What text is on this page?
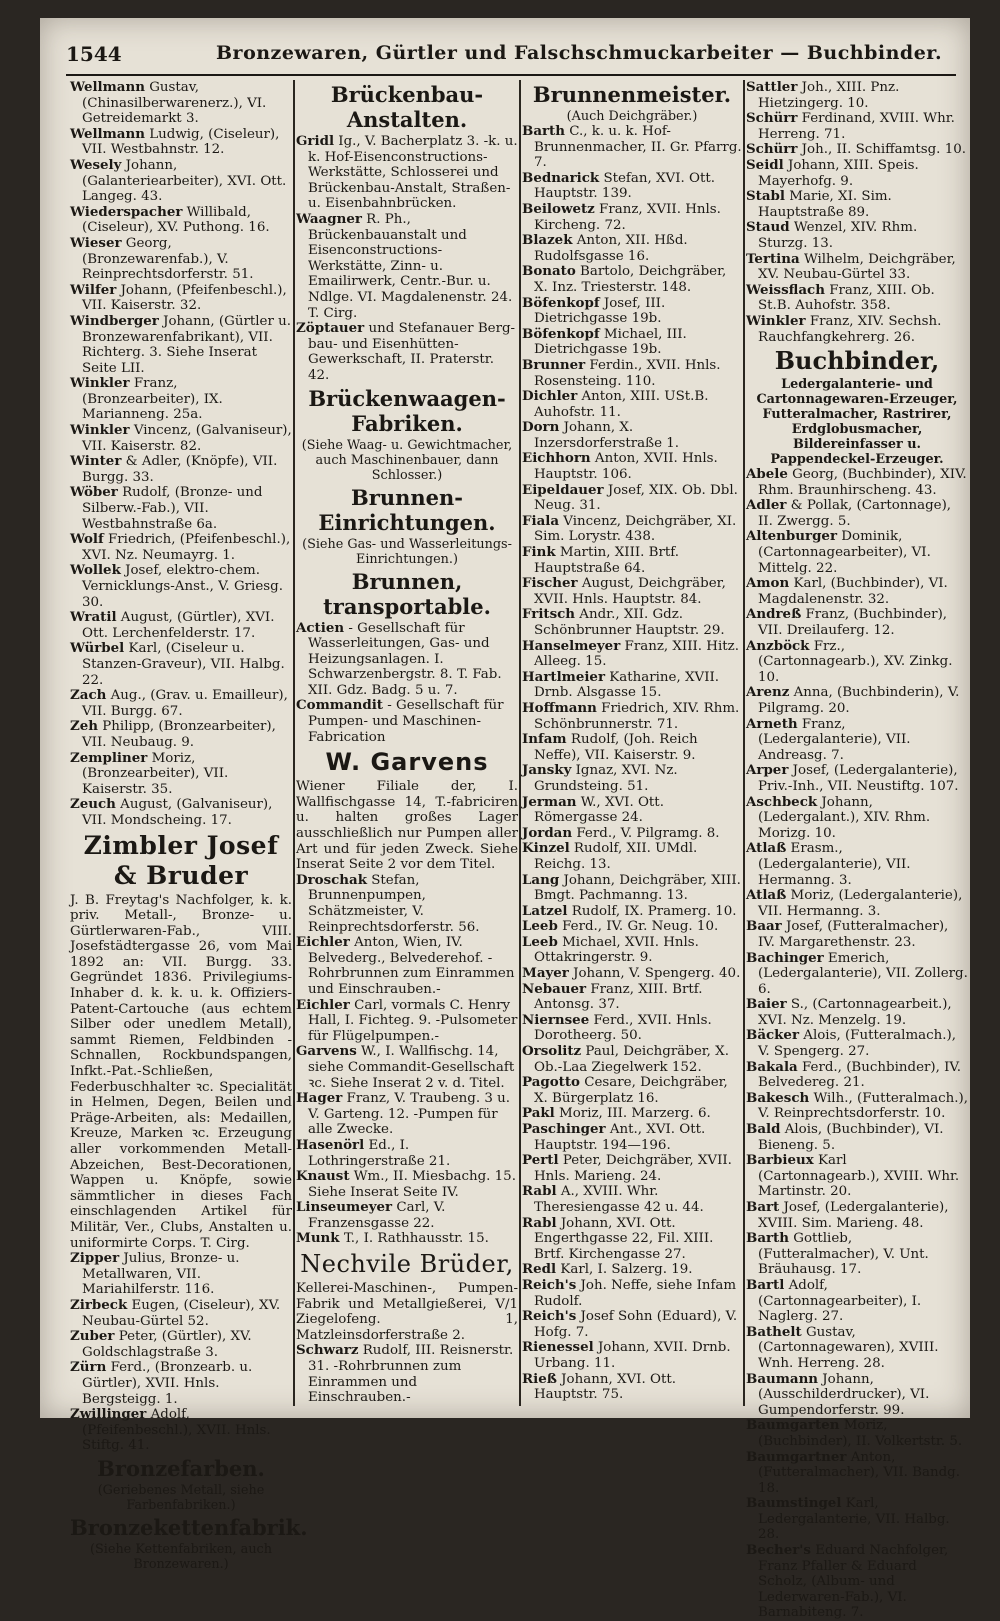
1544	Bronzewaren, Gürtler und Falschschmuckarbeiter — Buchbinder.
Wellmann Gustav, (Chinasilberwarenerz.), VI. Getreidemarkt 3.
Wellmann Ludwig, (Ciseleur), VII. Westbahnstr. 12.
Wesely Johann, (Galanteriearbeiter), XVI. Ott. Langeg. 43.
Wiederspacher Willibald, (Ciseleur), XV. Puthong. 16.
Wieser Georg, (Bronzewarenfab.), V. Reinprechtsdorferstr. 51.
Wilfer Johann, (Pfeifenbeschl.), VII. Kaiserstr. 32.
Windberger Johann, (Gürtler u. Bronzewarenfabrikant), VII. Richterg. 3. Siehe Inserat Seite LII.
Winkler Franz, (Bronzearbeiter), IX. Marianneng. 25a.
Winkler Vincenz, (Galvaniseur), VII. Kaiserstr. 82.
Winter & Adler, (Knöpfe), VII. Burgg. 33.
Wöber Rudolf, (Bronze- und Silberw.-Fab.), VII. Westbahnstraße 6a.
Wolf Friedrich, (Pfeifenbeschl.), XVI. Nz. Neumayrg. 1.
Wollek Josef, elektro-chem. Vernicklungs-Anst., V. Griesg. 30.
Wratil August, (Gürtler), XVI. Ott. Lerchenfelderstr. 17.
Würbel Karl, (Ciseleur u. Stanzen-Graveur), VII. Halbg. 22.
Zach Aug., (Grav. u. Emailleur), VII. Burgg. 67.
Zeh Philipp, (Bronzearbeiter), VII. Neubaug. 9.
Zempliner Moriz, (Bronzearbeiter), VII. Kaiserstr. 35.
Zeuch August, (Galvaniseur), VII. Mondscheing. 17.
Zimbler Josef & Bruder
J. B. Freytag's Nachfolger, k. k. priv. Metall-, Bronze- u. Gürtlerwaren-Fab., VIII. Josefstädtergasse 26, vom Mai 1892 an: VII. Burgg. 33. Gegründet 1836. Privilegiums-Inhaber d. k. k. u. k. Offiziers-Patent-Cartouche (aus echtem Silber oder unedlem Metall), sammt Riemen, Feldbinden - Schnallen, Rockbundspangen, Infkt.-Pat.-Schließen, Federbuschhalter ꝛc. Specialität in Helmen, Degen, Beilen und Präge-Arbeiten, als: Medaillen, Kreuze, Marken ꝛc. Erzeugung aller vorkommenden Metall-Abzeichen, Best-Decorationen, Wappen u. Knöpfe, sowie sämmtlicher in dieses Fach einschlagenden Artikel für Militär, Ver., Clubs, Anstalten u. uniformirte Corps. T. Cirg.
Zipper Julius, Bronze- u. Metallwaren, VII. Mariahilferstr. 116.
Zirbeck Eugen, (Ciseleur), XV. Neubau-Gürtel 52.
Zuber Peter, (Gürtler), XV. Goldschlagstraße 3.
Zürn Ferd., (Bronzearb. u. Gürtler), XVII. Hnls. Bergsteigg. 1.
Zwillinger Adolf, (Pfeifenbeschl.), XVII. Hnls. Stiftg. 41.
Bronzefarben.
(Geriebenes Metall, siehe Farbenfabriken.)
Bronzekettenfabrik.
(Siehe Kettenfabriken, auch Bronzewaren.)
Brückenbau-Anstalten.
Gridl Ig., V. Bacherplatz 3. -k. u. k. Hof-Eisenconstructions-Werkstätte, Schlosserei und Brückenbau-Anstalt, Straßen- u. Eisenbahnbrücken.
Waagner R. Ph., Brückenbauanstalt und Eisenconstructions-Werkstätte, Zinn- u. Emailirwerk, Centr.-Bur. u. Ndlge. VI. Magdalenenstr. 24. T. Cirg.
Zöptauer und Stefanauer Berg-bau- und Eisenhütten-Gewerkschaft, II. Praterstr. 42.
Brückenwaagen-Fabriken.
(Siehe Waag- u. Gewichtmacher, auch Maschinenbauer, dann Schlosser.)
Brunnen-Einrichtungen.
(Siehe Gas- und Wasserleitungs-Einrichtungen.)
Brunnen, transportable.
Actien - Gesellschaft für Wasserleitungen, Gas- und Heizungsanlagen. I. Schwarzenbergstr. 8. T. Fab. XII. Gdz. Badg. 5 u. 7.
Commandit - Gesellschaft für Pumpen- und Maschinen-Fabrication
W. Garvens
Wiener Filiale der, I. Wallfischgasse 14, T.-fabriciren u. halten großes Lager ausschließlich nur Pumpen aller Art und für jeden Zweck. Siehe Inserat Seite 2 vor dem Titel.
Droschak Stefan, Brunnenpumpen, Schätzmeister, V. Reinprechtsdorferstr. 56.
Eichler Anton, Wien, IV. Belvederg., Belvederehof. -Rohrbrunnen zum Einrammen und Einschrauben.-
Eichler Carl, vormals C. Henry Hall, I. Fichteg. 9. -Pulsometer für Flügelpumpen.-
Garvens W., I. Wallfischg. 14, siehe Commandit-Gesellschaft ꝛc. Siehe Inserat 2 v. d. Titel.
Hager Franz, V. Traubeng. 3 u. V. Garteng. 12. -Pumpen für alle Zwecke.
Hasenörl Ed., I. Lothringerstraße 21.
Knaust Wm., II. Miesbachg. 15. Siehe Inserat Seite IV.
Linseumeyer Carl, V. Franzensgasse 22.
Munk T., I. Rathhausstr. 15.
Nechvile Brüder,
Kellerei-Maschinen-, Pumpen-Fabrik und Metallgießerei, V/1 Ziegelofeng. 1, Matzleinsdorferstraße 2.
Schwarz Rudolf, III. Reisnerstr. 31. -Rohrbrunnen zum Einrammen und Einschrauben.-
Brunnenmeister.
(Auch Deichgräber.)
Barth C., k. u. k. Hof-Brunnenmacher, II. Gr. Pfarrg. 7.
Bednarick Stefan, XVI. Ott. Hauptstr. 139.
Beilowetz Franz, XVII. Hnls. Kircheng. 72.
Blazek Anton, XII. Hßd. Rudolfsgasse 16.
Bonato Bartolo, Deichgräber, X. Inz. Triesterstr. 148.
Böfenkopf Josef, III. Dietrichgasse 19b.
Böfenkopf Michael, III. Dietrichgasse 19b.
Brunner Ferdin., XVII. Hnls. Rosensteing. 110.
Dichler Anton, XIII. USt.B. Auhofstr. 11.
Dorn Johann, X. Inzersdorferstraße 1.
Eichhorn Anton, XVII. Hnls. Hauptstr. 106.
Eipeldauer Josef, XIX. Ob. Dbl. Neug. 31.
Fiala Vincenz, Deichgräber, XI. Sim. Lorystr. 438.
Fink Martin, XIII. Brtf. Hauptstraße 64.
Fischer August, Deichgräber, XVII. Hnls. Hauptstr. 84.
Fritsch Andr., XII. Gdz. Schönbrunner Hauptstr. 29.
Hanselmeyer Franz, XIII. Hitz. Alleeg. 15.
Hartlmeier Katharine, XVII. Drnb. Alsgasse 15.
Hoffmann Friedrich, XIV. Rhm. Schönbrunnerstr. 71.
Infam Rudolf, (Joh. Reich Neffe), VII. Kaiserstr. 9.
Jansky Ignaz, XVI. Nz. Grundsteing. 51.
Jerman W., XVI. Ott. Römergasse 24.
Jordan Ferd., V. Pilgramg. 8.
Kinzel Rudolf, XII. UMdl. Reichg. 13.
Lang Johann, Deichgräber, XIII. Bmgt. Pachmanng. 13.
Latzel Rudolf, IX. Pramerg. 10.
Leeb Ferd., IV. Gr. Neug. 10.
Leeb Michael, XVII. Hnls. Ottakringerstr. 9.
Mayer Johann, V. Spengerg. 40.
Nebauer Franz, XIII. Brtf. Antonsg. 37.
Niernsee Ferd., XVII. Hnls. Dorotheerg. 50.
Orsolitz Paul, Deichgräber, X. Ob.-Laa Ziegelwerk 152.
Pagotto Cesare, Deichgräber, X. Bürgerplatz 16.
Pakl Moriz, III. Marzerg. 6.
Paschinger Ant., XVI. Ott. Hauptstr. 194—196.
Pertl Peter, Deichgräber, XVII. Hnls. Marieng. 24.
Rabl A., XVIII. Whr. Theresiengasse 42 u. 44.
Rabl Johann, XVI. Ott. Engerthgasse 22, Fil. XIII. Brtf. Kirchengasse 27.
Redl Karl, I. Salzerg. 19.
Reich's Joh. Neffe, siehe Infam Rudolf.
Reich's Josef Sohn (Eduard), V. Hofg. 7.
Rienessel Johann, XVII. Drnb. Urbang. 11.
Rieß Johann, XVI. Ott. Hauptstr. 75.
Sattler Joh., XIII. Pnz. Hietzingerg. 10.
Schürr Ferdinand, XVIII. Whr. Herreng. 71.
Schürr Joh., II. Schiffamtsg. 10.
Seidl Johann, XIII. Speis. Mayerhofg. 9.
Stabl Marie, XI. Sim. Hauptstraße 89.
Staud Wenzel, XIV. Rhm. Sturzg. 13.
Tertina Wilhelm, Deichgräber, XV. Neubau-Gürtel 33.
Weissflach Franz, XIII. Ob. St.B. Auhofstr. 358.
Winkler Franz, XIV. Sechsh. Rauchfangkehrerg. 26.
Buchbinder,
Ledergalanterie- und Cartonnagewaren-Erzeuger, Futteralmacher, Rastrirer, Erdglobusmacher, Bildereinfasser u. Pappendeckel-Erzeuger.
Abele Georg, (Buchbinder), XIV. Rhm. Braunhirscheng. 43.
Adler & Pollak, (Cartonnage), II. Zwergg. 5.
Altenburger Dominik, (Cartonnagearbeiter), VI. Mittelg. 22.
Amon Karl, (Buchbinder), VI. Magdalenenstr. 32.
Andreß Franz, (Buchbinder), VII. Dreilauferg. 12.
Anzböck Frz., (Cartonnagearb.), XV. Zinkg. 10.
Arenz Anna, (Buchbinderin), V. Pilgramg. 20.
Arneth Franz, (Ledergalanterie), VII. Andreasg. 7.
Arper Josef, (Ledergalanterie), Priv.-Inh., VII. Neustiftg. 107.
Aschbeck Johann, (Ledergalant.), XIV. Rhm. Morizg. 10.
Atlaß Erasm., (Ledergalanterie), VII. Hermanng. 3.
Atlaß Moriz, (Ledergalanterie), VII. Hermanng. 3.
Baar Josef, (Futteralmacher), IV. Margarethenstr. 23.
Bachinger Emerich, (Ledergalanterie), VII. Zollerg. 6.
Baier S., (Cartonnagearbeit.), XVI. Nz. Menzelg. 19.
Bäcker Alois, (Futteralmach.), V. Spengerg. 27.
Bakala Ferd., (Buchbinder), IV. Belvedereg. 21.
Bakesch Wilh., (Futteralmach.), V. Reinprechtsdorferstr. 10.
Bald Alois, (Buchbinder), VI. Bieneng. 5.
Barbieux Karl (Cartonnagearb.), XVIII. Whr. Martinstr. 20.
Bart Josef, (Ledergalanterie), XVIII. Sim. Marieng. 48.
Barth Gottlieb, (Futteralmacher), V. Unt. Bräuhausg. 17.
Bartl Adolf, (Cartonnagearbeiter), I. Naglerg. 27.
Bathelt Gustav, (Cartonnagewaren), XVIII. Wnh. Herreng. 28.
Baumann Johann, (Ausschilderdrucker), VI. Gumpendorferstr. 99.
Baumgarten Moriz, (Buchbinder), II. Volkertstr. 5.
Baumgartner Anton, (Futteralmacher), VII. Bandg. 18.
Baumstingel Karl, Ledergalanterie, VII. Halbg. 28.
Becher's Eduard Nachfolger, Franz Pfaller & Eduard Scholz, (Album- und Lederwaren-Fab.), VI. Barnabiteng. 7.
